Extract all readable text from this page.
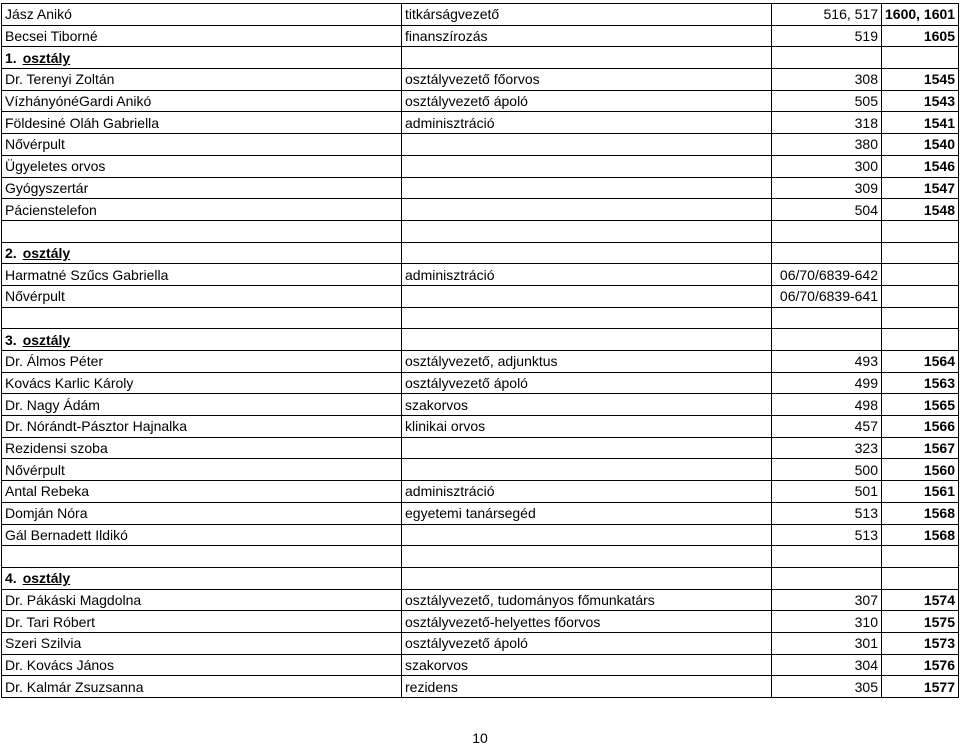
Jász Anikó	titkárságvezető	516, 517	1600, 1601
Becsei Tiborné	finanszírozás	519	1605
1. osztály			
Dr. Terenyi Zoltán	osztályvezető főorvos	308	1545
VízhányónéGardi Anikó	osztályvezető ápoló	505	1543
Földesiné Oláh Gabriella	adminisztráció	318	1541
Nővérpult		380	1540
Ügyeletes orvos		300	1546
Gyógyszertár		309	1547
Pácienstelefon		504	1548

2. osztály			
Harmatné Szűcs Gabriella	adminisztráció	06/70/6839-642	
Nővérpult		06/70/6839-641	

3. osztály			
Dr. Álmos Péter	osztályvezető, adjunktus	493	1564
Kovács Karlic Károly	osztályvezető ápoló	499	1563
Dr. Nagy Ádám	szakorvos	498	1565
Dr. Nórándt-Pásztor Hajnalka	klinikai orvos	457	1566
Rezidensi szoba		323	1567
Nővérpult		500	1560
Antal Rebeka	adminisztráció	501	1561
Domján Nóra	egyetemi tanársegéd	513	1568
Gál Bernadett Ildikó		513	1568

4. osztály			
Dr. Pákáski Magdolna	osztályvezető, tudományos főmunkatárs	307	1574
Dr. Tari Róbert	osztályvezető-helyettes főorvos	310	1575
Szeri Szilvia	osztályvezető ápoló	301	1573
Dr. Kovács János	szakorvos	304	1576
Dr. Kalmár Zsuzsanna	rezidens	305	1577
10
